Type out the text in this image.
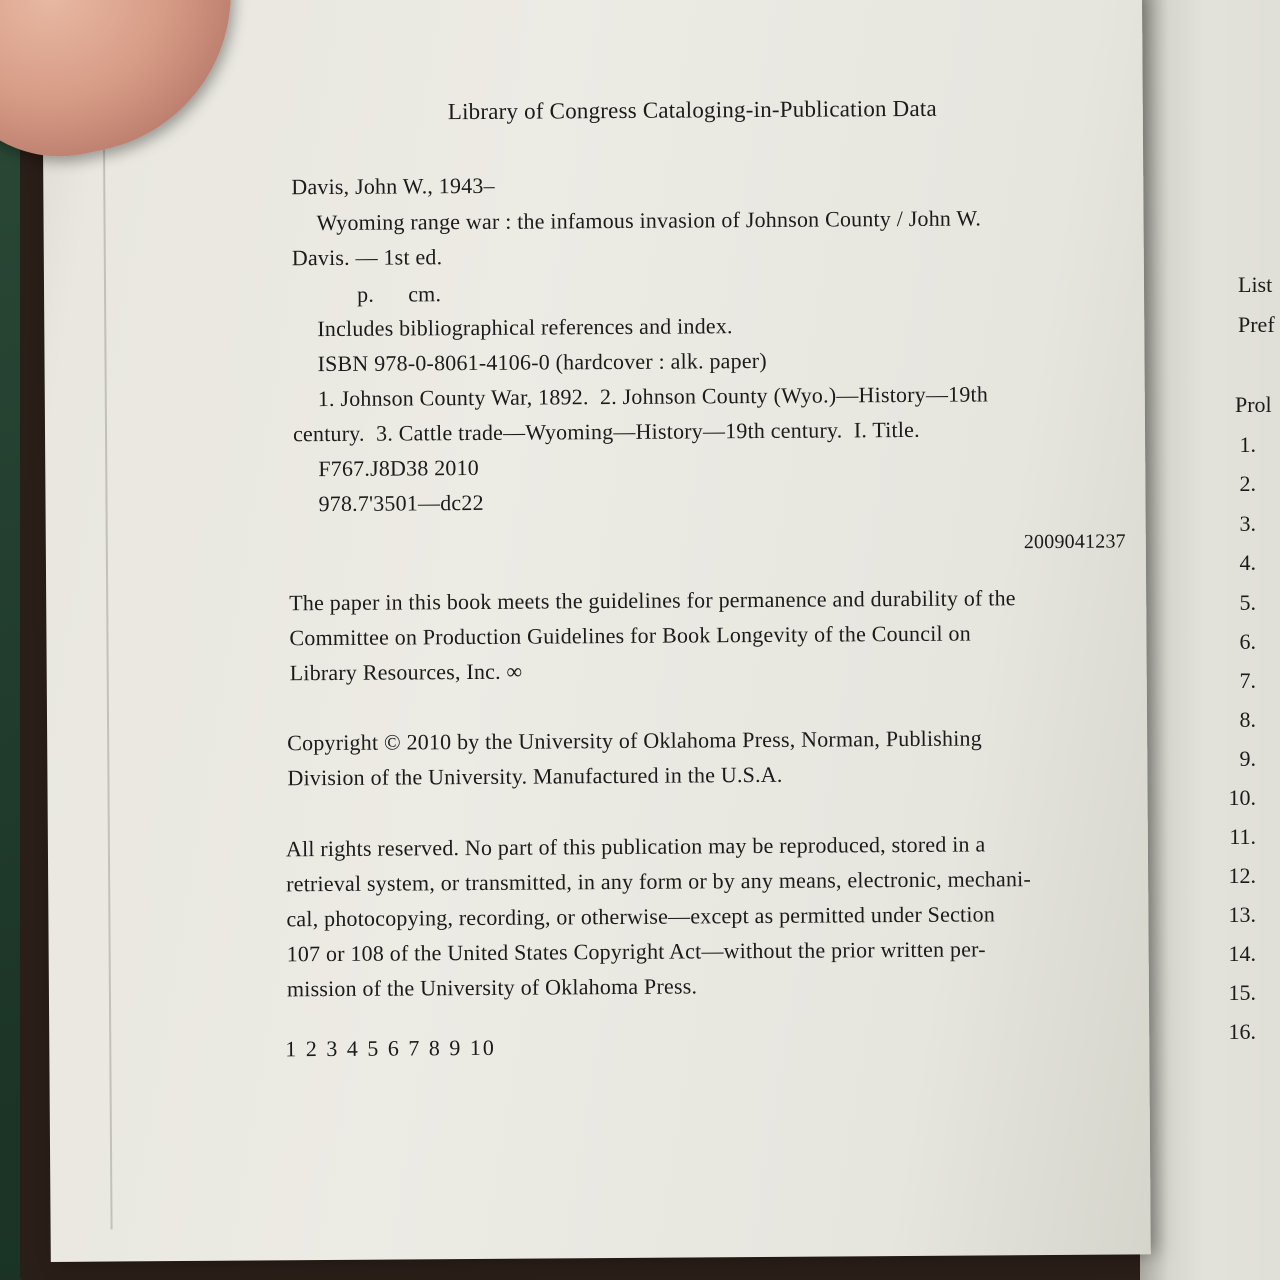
List
Pref
Prol
1.
2.
3.
4.
5.
6.
7.
8.
9.
10.
11.
12.
13.
14.
15.
16.
Library of Congress Cataloging-in-Publication Data
Davis, John W., 1943–
Wyoming range war : the infamous invasion of Johnson County / John W.
Davis. — 1st ed.
p.      cm.
Includes bibliographical references and index.
ISBN 978-0-8061-4106-0 (hardcover : alk. paper)
1. Johnson County War, 1892.  2. Johnson County (Wyo.)—History—19th
century.  3. Cattle trade—Wyoming—History—19th century.  I. Title.
F767.J8D38 2010
978.7'3501—dc22
2009041237
The paper in this book meets the guidelines for permanence and durability of the
Committee on Production Guidelines for Book Longevity of the Council on
Library Resources, Inc. ∞
Copyright © 2010 by the University of Oklahoma Press, Norman, Publishing
Division of the University. Manufactured in the U.S.A.
All rights reserved. No part of this publication may be reproduced, stored in a
retrieval system, or transmitted, in any form or by any means, electronic, mechani-
cal, photocopying, recording, or otherwise—except as permitted under Section
107 or 108 of the United States Copyright Act—without the prior written per-
mission of the University of Oklahoma Press.
1 2 3 4 5 6 7 8 9 10
